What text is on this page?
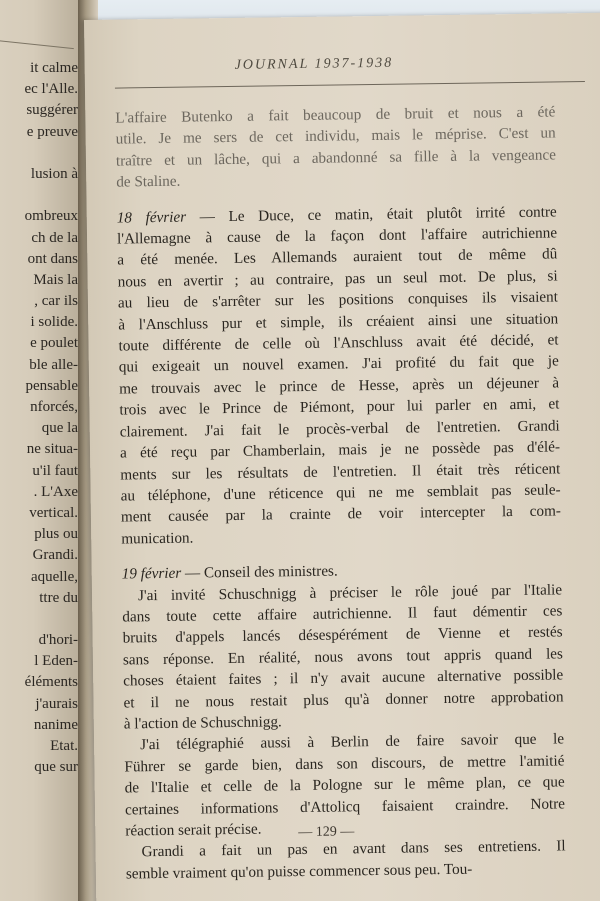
it calme
ec l'Alle.
suggérer
e preuve
lusion à
ombreux
ch de la
ont dans
Mais la
, car ils
i solide.
e poulet
ble alle-
pensable
nforcés,
que la
ne situa-
u'il faut
. L'Axe
vertical.
plus ou
Grandi.
aquelle,
ttre du
d'hori-
l Eden-
éléments
j'aurais
nanime
Etat.
que sur
JOURNAL 1937-1938

L'affaire Butenko a fait beaucoup de bruit et nous a été

utile. Je me sers de cet individu, mais le méprise. C'est un

traître et un lâche, qui a abandonné sa fille à la vengeance

de Staline.

18 février — Le Duce, ce matin, était plutôt irrité contre

l'Allemagne à cause de la façon dont l'affaire autrichienne

a été menée. Les Allemands auraient tout de même dû

nous en avertir ; au contraire, pas un seul mot. De plus, si

au lieu de s'arrêter sur les positions conquises ils visaient

à l'Anschluss pur et simple, ils créaient ainsi une situation

toute différente de celle où l'Anschluss avait été décidé, et

qui exigeait un nouvel examen. J'ai profité du fait que je

me trouvais avec le prince de Hesse, après un déjeuner à

trois avec le Prince de Piémont, pour lui parler en ami, et

clairement. J'ai fait le procès-verbal de l'entretien. Grandi

a été reçu par Chamberlain, mais je ne possède pas d'élé-

ments sur les résultats de l'entretien. Il était très réticent

au téléphone, d'une réticence qui ne me semblait pas seule-

ment causée par la crainte de voir intercepter la com-

munication.

19 février — Conseil des ministres.

J'ai invité Schuschnigg à préciser le rôle joué par l'Italie

dans toute cette affaire autrichienne. Il faut démentir ces

bruits d'appels lancés désespérément de Vienne et restés

sans réponse. En réalité, nous avons tout appris quand les

choses étaient faites ; il n'y avait aucune alternative possible

et il ne nous restait plus qu'à donner notre approbation

à l'action de Schuschnigg.

J'ai télégraphié aussi à Berlin de faire savoir que le

Führer se garde bien, dans son discours, de mettre l'amitié

de l'Italie et celle de la Pologne sur le même plan, ce que

certaines informations d'Attolicq faisaient craindre. Notre

réaction serait précise.

Grandi a fait un pas en avant dans ses entretiens. Il

semble vraiment qu'on puisse commencer sous peu. Tou-

— 129 —
